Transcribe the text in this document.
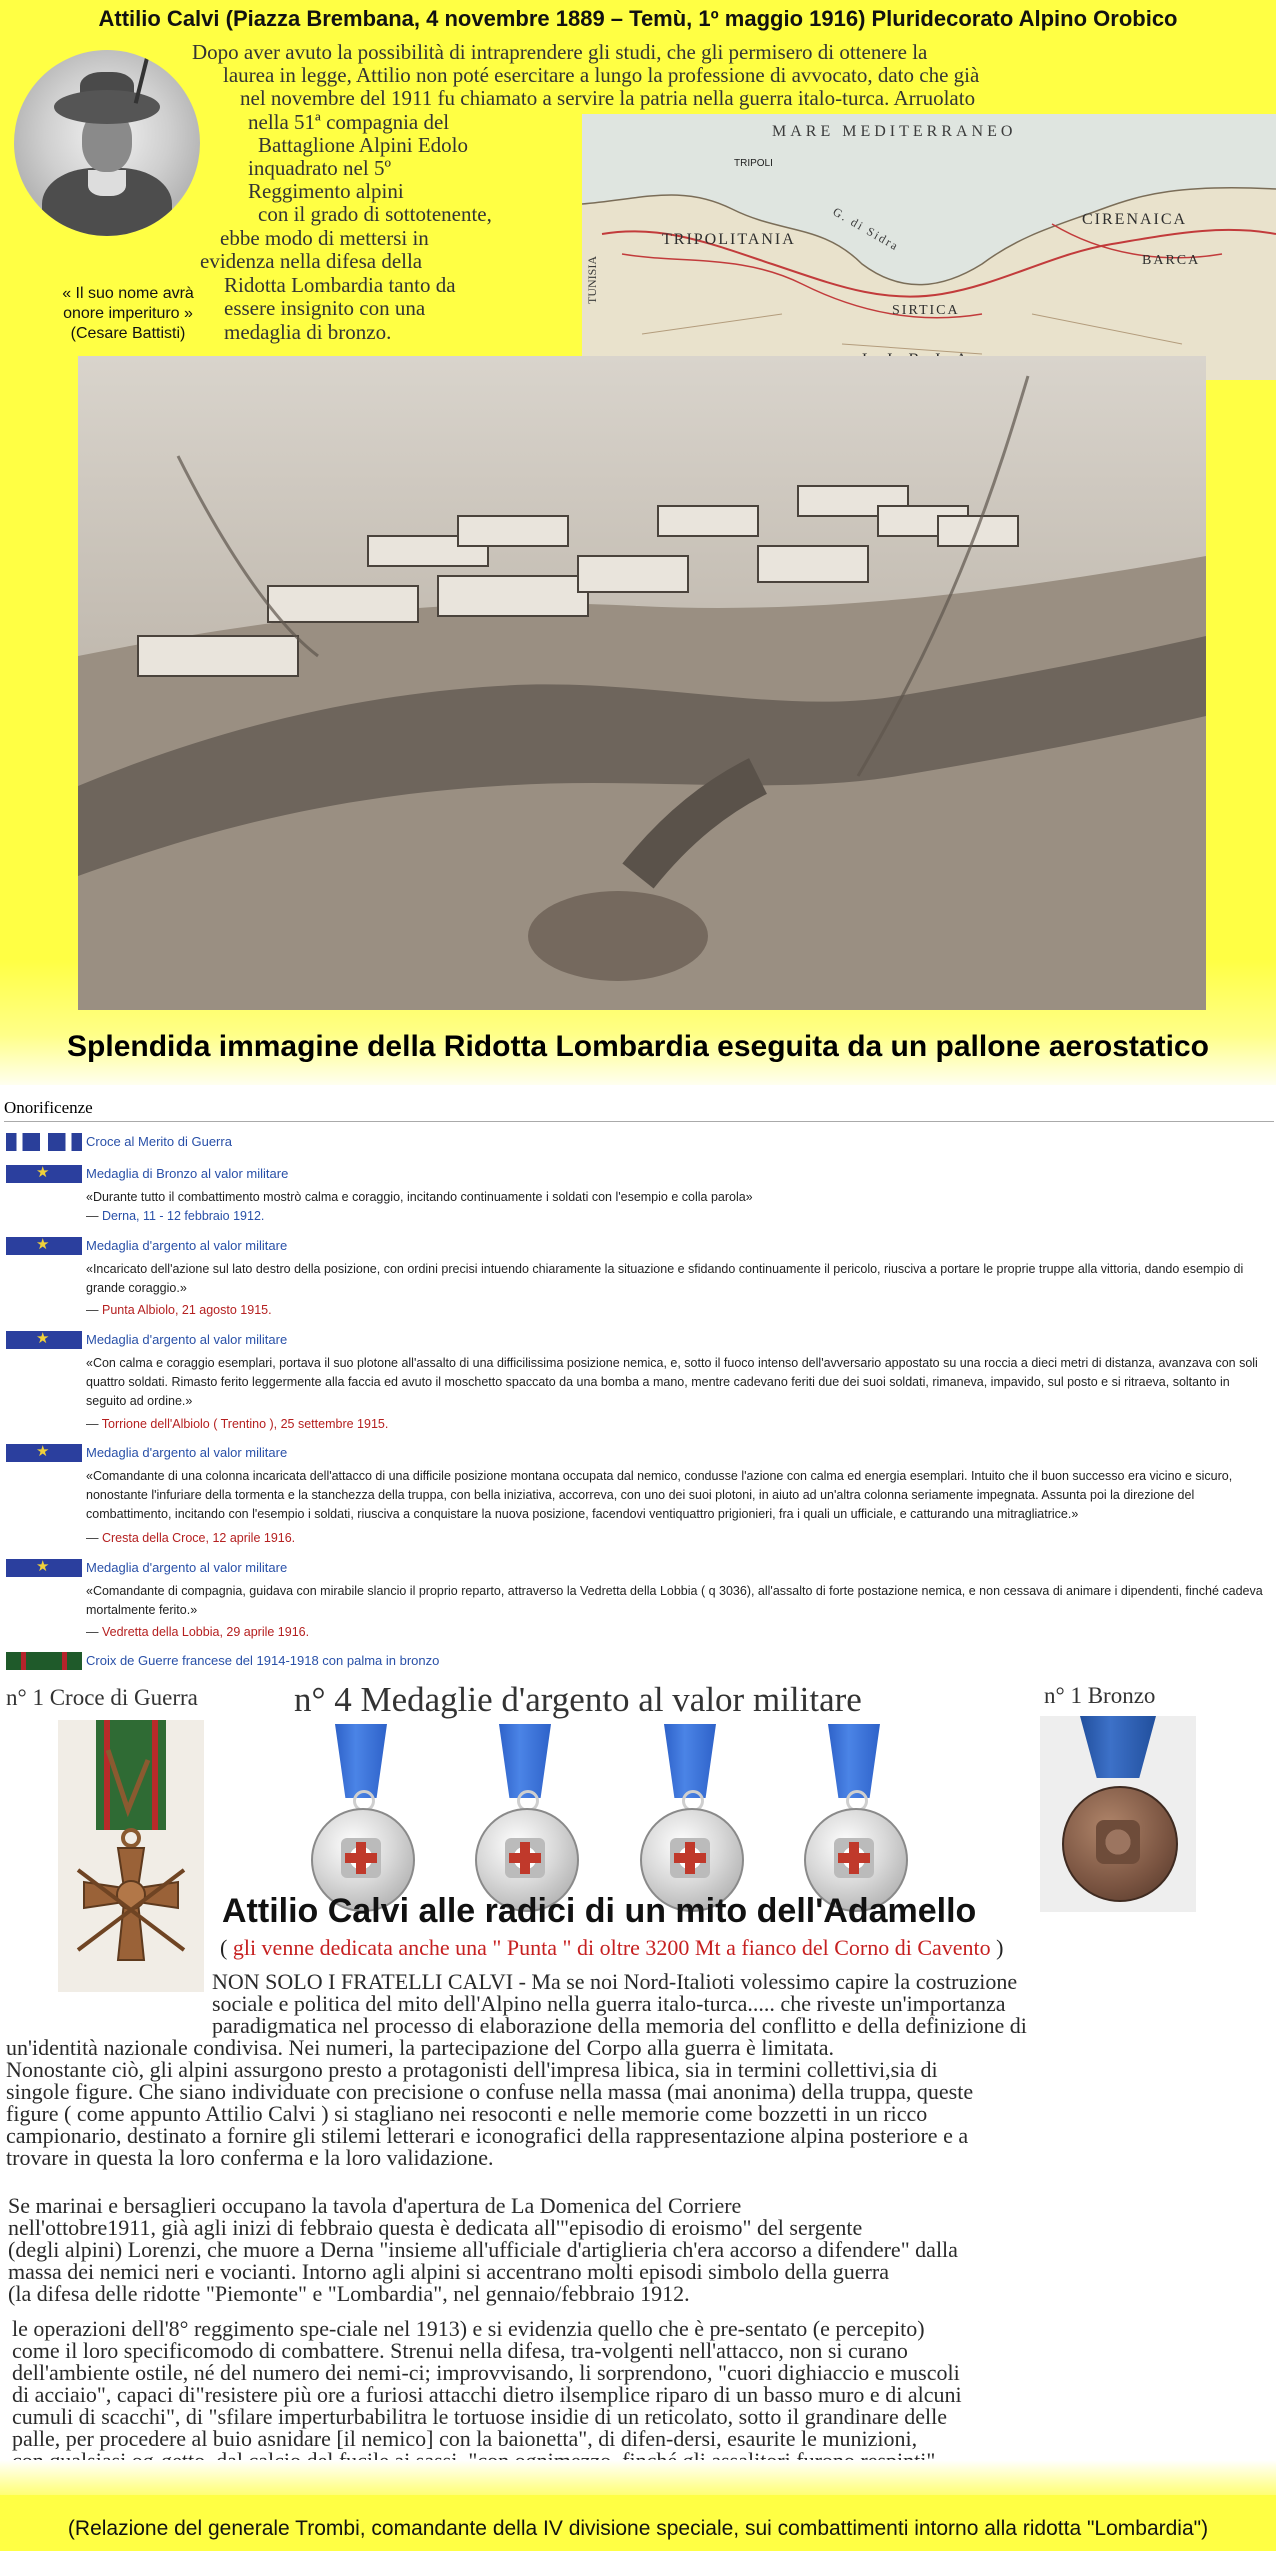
Attilio Calvi (Piazza Brembana, 4 novembre 1889 – Temù, 1º maggio 1916) Pluridecorato Alpino Orobico
« Il suo nome avrà
onore imperituro »
(Cesare Battisti)
Dopo aver avuto la possibilità di intraprendere gli studi, che gli permisero di ottenere la
laurea in legge, Attilio non poté esercitare a lungo la professione di avvocato, dato che già
nel novembre del 1911 fu chiamato a servire la patria nella guerra italo-turca. Arruolato
nella 51ª compagnia del
Battaglione Alpini Edolo
inquadrato nel 5º
Reggimento alpini
con il grado di sottotenente,
ebbe modo di mettersi in
evidenza nella difesa della
Ridotta Lombardia tanto da
essere insignito con una
medaglia di bronzo.
MARE MEDITERRANEO
TUNISIA
TRIPOLI
TRIPOLITANIA
SIRTICA
CIRENAICA
BARCA
G. di Sidra
Splendida immagine della Ridotta Lombardia eseguita da un pallone aerostatico
Onorificenze
Croce al Merito di Guerra
★	Medaglia di Bronzo al valor militare
«Durante tutto il combattimento mostrò calma e coraggio, incitando continuamente i soldati con l'esempio e colla parola»
— Derna, 11 - 12 febbraio 1912.
★	Medaglia d'argento al valor militare
«Incaricato dell'azione sul lato destro della posizione, con ordini precisi intuendo chiaramente la situazione e sfidando continuamente il pericolo, riusciva a portare le proprie truppe alla vittoria, dando esempio di grande coraggio.»
— Punta Albiolo, 21 agosto 1915.
★	Medaglia d'argento al valor militare
«Con calma e coraggio esemplari, portava il suo plotone all'assalto di una difficilissima posizione nemica, e, sotto il fuoco intenso dell'avversario appostato su una roccia a dieci metri di distanza, avanzava con soli quattro soldati. Rimasto ferito leggermente alla faccia ed avuto il moschetto spaccato da una bomba a mano, mentre cadevano feriti due dei suoi soldati, rimaneva, impavido, sul posto e si ritraeva, soltanto in seguito ad ordine.»
— Torrione dell'Albiolo ( Trentino ), 25 settembre 1915.
★	Medaglia d'argento al valor militare
«Comandante di una colonna incaricata dell'attacco di una difficile posizione montana occupata dal nemico, condusse l'azione con calma ed energia esemplari. Intuito che il buon successo era vicino e sicuro, nonostante l'infuriare della tormenta e la stanchezza della truppa, con bella iniziativa, accorreva, con uno dei suoi plotoni, in aiuto ad un'altra colonna seriamente impegnata. Assunta poi la direzione del combattimento, incitando con l'esempio i soldati, riusciva a conquistare la nuova posizione, facendovi ventiquattro prigionieri, fra i quali un ufficiale, e catturando una mitragliatrice.»
— Cresta della Croce, 12 aprile 1916.
★	Medaglia d'argento al valor militare
«Comandante di compagnia, guidava con mirabile slancio il proprio reparto, attraverso la Vedretta della Lobbia ( q 3036), all'assalto di forte postazione nemica, e non cessava di animare i dipendenti, finché cadeva mortalmente ferito.»
— Vedretta della Lobbia, 29 aprile 1916.
Croix de Guerre francese del 1914-1918 con palma in bronzo
n° 1 Croce di Guerra	n° 4 Medaglie d'argento al valor militare	n° 1 Bronzo
Attilio Calvi alle radici di un mito dell'Adamello
( gli venne dedicata anche una " Punta " di oltre 3200 Mt a fianco del Corno di Cavento )
NON SOLO I FRATELLI CALVI - Ma se noi Nord-Italioti volessimo capire la costruzione
sociale e politica del mito dell'Alpino nella guerra italo-turca..... che riveste un'importanza
paradigmatica nel processo di elaborazione della memoria del conflitto e della definizione di
un'identità nazionale condivisa. Nei numeri, la partecipazione del Corpo alla guerra è limitata.
Nonostante ciò, gli alpini assurgono presto a protagonisti dell'impresa libica, sia in termini collettivi,sia di
singole figure. Che siano individuate con precisione o confuse nella massa (mai anonima) della truppa, queste
figure ( come appunto Attilio Calvi ) si stagliano nei resoconti e nelle memorie come bozzetti in un ricco
campionario, destinato a fornire gli stilemi letterari e iconografici della rappresentazione alpina posteriore e a
trovare in questa la loro conferma e la loro validazione.
Se marinai e bersaglieri occupano la tavola d'apertura de La Domenica del Corriere
nell'ottobre1911, già agli inizi di febbraio questa è dedicata all'"episodio di eroismo" del sergente
(degli alpini) Lorenzi, che muore a Derna "insieme all'ufficiale d'artiglieria ch'era accorso a difendere" dalla
massa dei nemici neri e vocianti. Intorno agli alpini si accentrano molti episodi simbolo della guerra
(la difesa delle ridotte "Piemonte" e "Lombardia", nel gennaio/febbraio 1912.
le operazioni dell'8° reggimento spe-ciale nel 1913) e si evidenzia quello che è pre-sentato (e percepito)
come il loro specificomodo di combattere. Strenui nella difesa, tra-volgenti nell'attacco, non si curano
dell'ambiente ostile, né del numero dei nemi-ci; improvvisando, li sorprendono, "cuori dighiaccio e muscoli
di acciaio", capaci di"resistere più ore a furiosi attacchi dietro ilsemplice riparo di un basso muro e di alcuni
cumuli di scacchi", di "sfilare imperturbabilitra le tortuose insidie di un reticolato, sotto il grandinare delle
palle, per procedere al buio asnidare [il nemico] con la baionetta", di difen-dersi, esaurite le munizioni,
(Relazione del generale Trombi, comandante della IV divisione speciale, sui combattimenti intorno alla ridotta "Lombardia")
